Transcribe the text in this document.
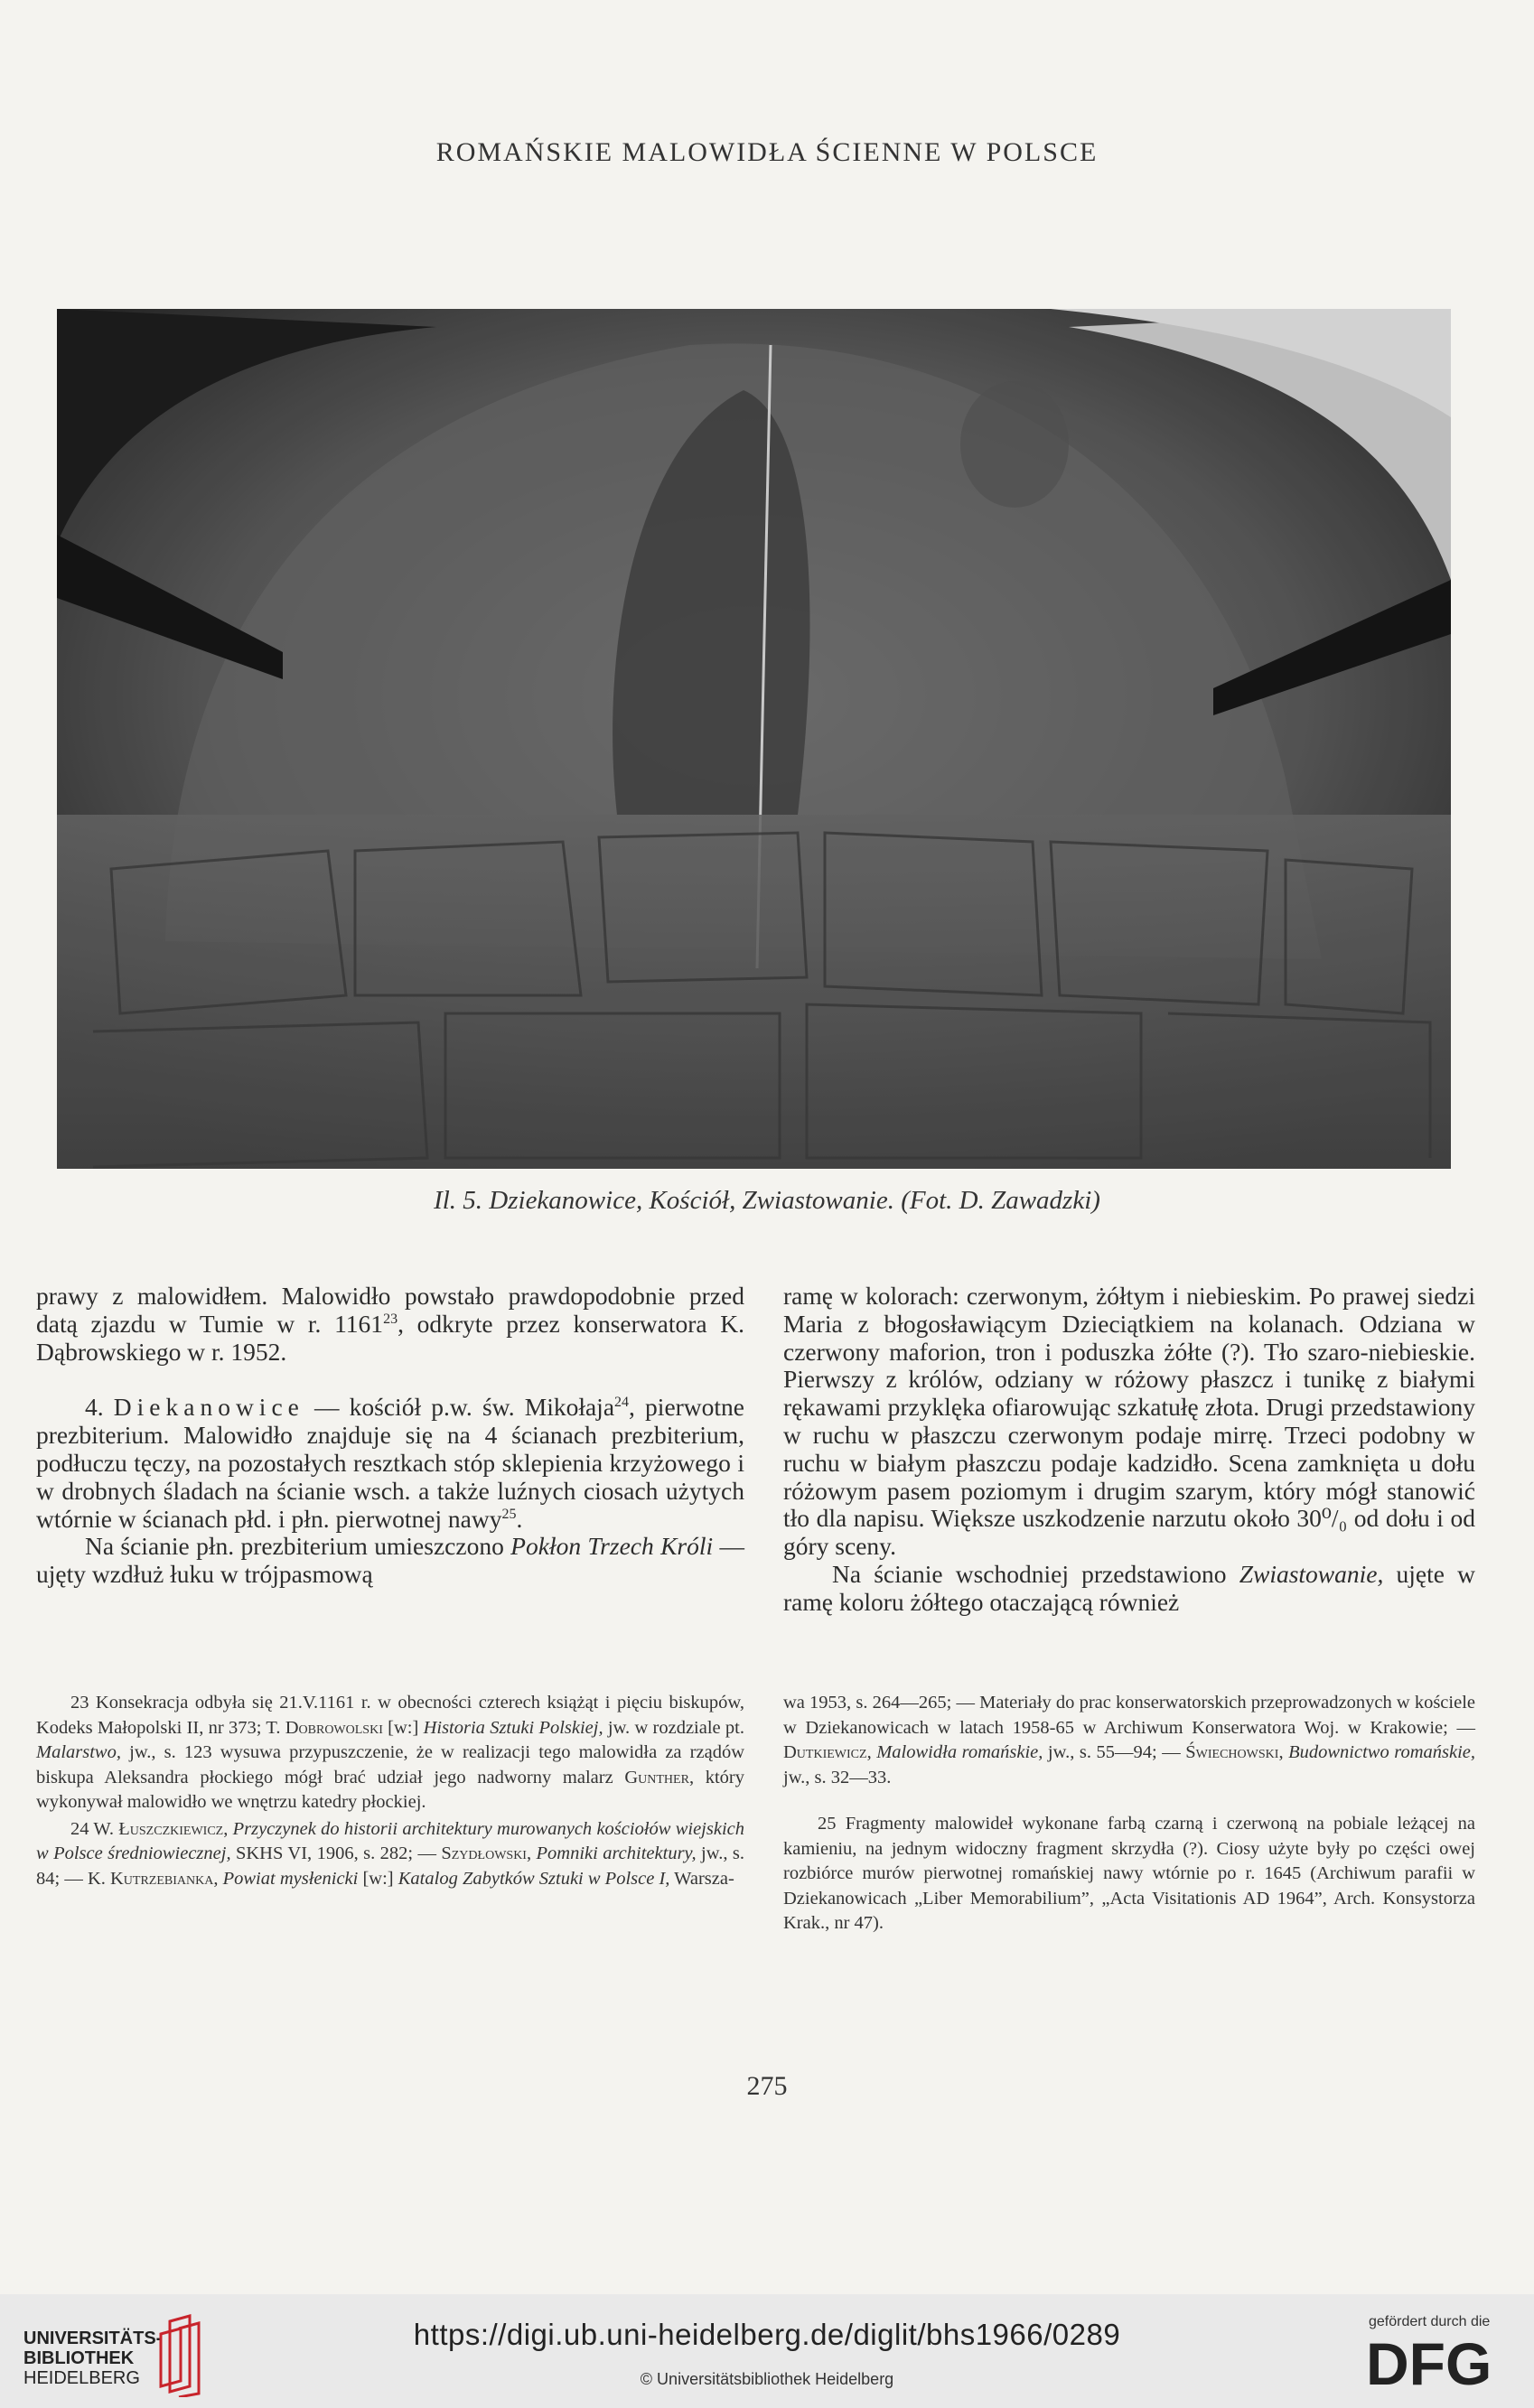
ROMAŃSKIE MALOWIDŁA ŚCIENNE W POLSCE
Il. 5. Dziekanowice, Kościół, Zwiastowanie. (Fot. D. Zawadzki)

prawy z malowidłem. Malowidło powstało prawdopodobnie przed datą zjazdu w Tumie w r. 1161$^{23}$, odkryte przez konserwatora K. Dąbrowskiego w r. 1952.

4. Diekanowice — kościół p.w. św. Mikołaja$^{24}$, pierwotne prezbiterium. Malowidło znajduje się na 4 ścianach prezbiterium, podłuczu tęczy, na pozostałych resztkach stóp sklepienia krzyżowego i w drobnych śladach na ścianie wsch. a także luźnych ciosach użytych wtórnie w ścianach płd. i płn. pierwotnej nawy$^{25}$.

Na ścianie płn. prezbiterium umieszczono Pokłon Trzech Króli — ujęty wzdłuż łuku w trójpasmową

ramę w kolorach: czerwonym, żółtym i niebieskim. Po prawej siedzi Maria z błogosławiącym Dzieciątkiem na kolanach. Odziana w czerwony maforion, tron i poduszka żółte (?). Tło szaro-niebieskie. Pierwszy z królów, odziany w różowy płaszcz i tunikę z białymi rękawami przyklęka ofiarowując szkatułę złota. Drugi przedstawiony w ruchu w płaszczu czerwonym podaje mirrę. Trzeci podobny w ruchu w białym płaszczu podaje kadzidło. Scena zamknięta u dołu różowym pasem poziomym i drugim szarym, który mógł stanowić tło dla napisu. Większe uszkodzenie narzutu około 30⁰/₀ od dołu i od góry sceny.

Na ścianie wschodniej przedstawiono Zwiastowanie, ujęte w ramę koloru żółtego otaczającą również

23 Konsekracja odbyła się 21.V.1161 r. w obecności czterech książąt i pięciu biskupów, Kodeks Małopolski II, nr 373; T. Dobrowolski [w:] Historia Sztuki Polskiej, jw. w rozdziale pt. Malarstwo, jw., s. 123 wysuwa przypuszczenie, że w realizacji tego malowidła za rządów biskupa Aleksandra płockiego mógł brać udział jego nadworny malarz Gunther, który wykonywał malowidło we wnętrzu katedry płockiej.

24 W. Łuszczkiewicz, Przyczynek do historii architektury murowanych kościołów wiejskich w Polsce średniowiecznej, SKHS VI, 1906, s. 282; — Szydłowski, Pomniki architektury, jw., s. 84; — K. Kutrzebianka, Powiat mysłenicki [w:] Katalog Zabytków Sztuki w Polsce I, Warsza-

wa 1953, s. 264—265; — Materiały do prac konserwatorskich przeprowadzonych w kościele w Dziekanowicach w latach 1958-65 w Archiwum Konserwatora Woj. w Krakowie; — Dutkiewicz, Malowidła romańskie, jw., s. 55—94; — Świechowski, Budownictwo romańskie, jw., s. 32—33.

25 Fragmenty malowideł wykonane farbą czarną i czerwoną na pobiale leżącej na kamieniu, na jednym widoczny fragment skrzydła (?). Ciosy użyte były po części owej rozbiórce murów pierwotnej romańskiej nawy wtórnie po r. 1645 (Archiwum parafii w Dziekanowicach „Liber Memorabilium”, „Acta Visitationis AD 1964”, Arch. Konsystorza Krak., nr 47).

275
UNIVERSITÄTS-
BIBLIOTHEK
HEIDELBERG
https://digi.ub.uni-heidelberg.de/diglit/bhs1966/0289
© Universitätsbibliothek Heidelberg
gefördert durch die
DFG
